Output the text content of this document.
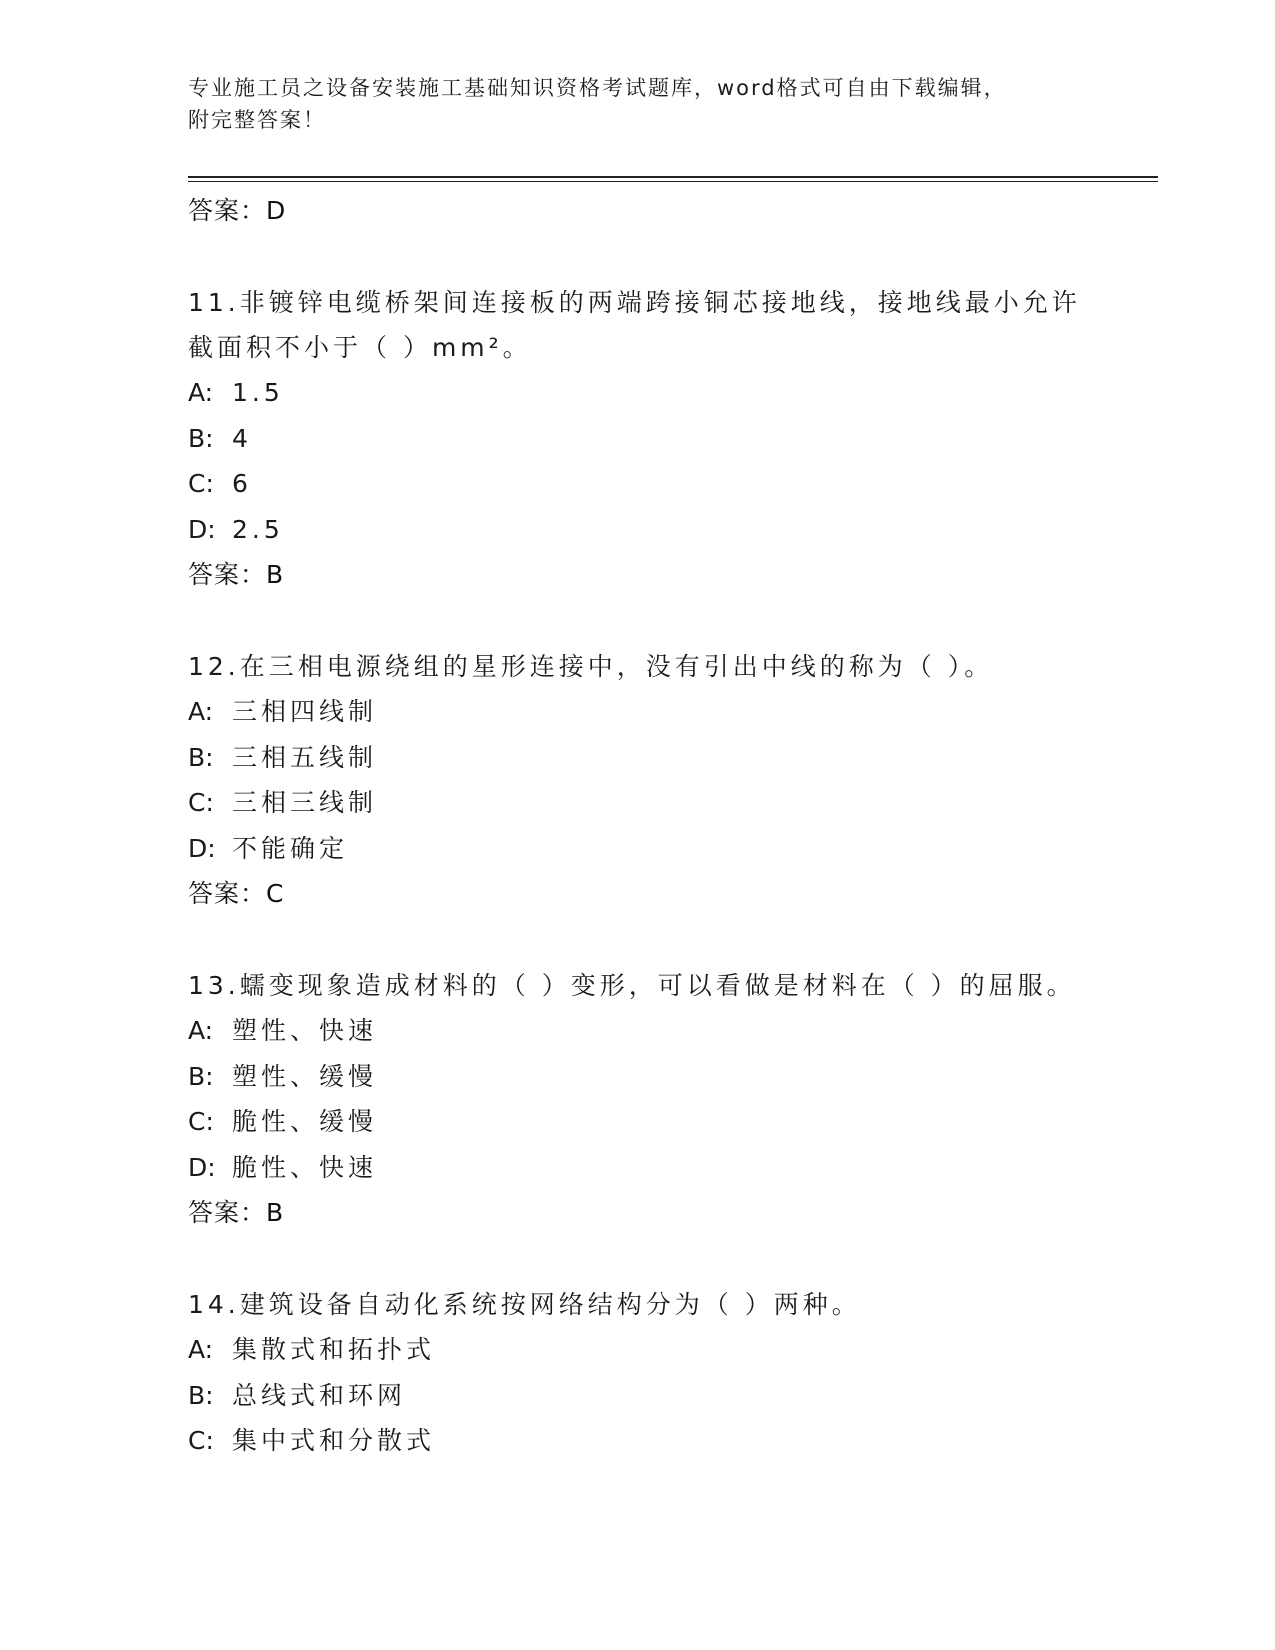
专业施工员之设备安装施工基础知识资格考试题库，word格式可自由下载编辑，
附完整答案！
答案：D
11.非镀锌电缆桥架间连接板的两端跨接铜芯接地线，接地线最小允许
截面积不小于（ ）mm²。
A: 1.5
B: 4
C: 6
D: 2.5
答案：B
12.在三相电源绕组的星形连接中，没有引出中线的称为（ ）。
A: 三相四线制
B: 三相五线制
C: 三相三线制
D: 不能确定
答案：C
13.蠕变现象造成材料的（ ）变形，可以看做是材料在（ ）的屈服。
A: 塑性、快速
B: 塑性、缓慢
C: 脆性、缓慢
D: 脆性、快速
答案：B
14.建筑设备自动化系统按网络结构分为（ ）两种。
A: 集散式和拓扑式
B: 总线式和环网
C: 集中式和分散式
